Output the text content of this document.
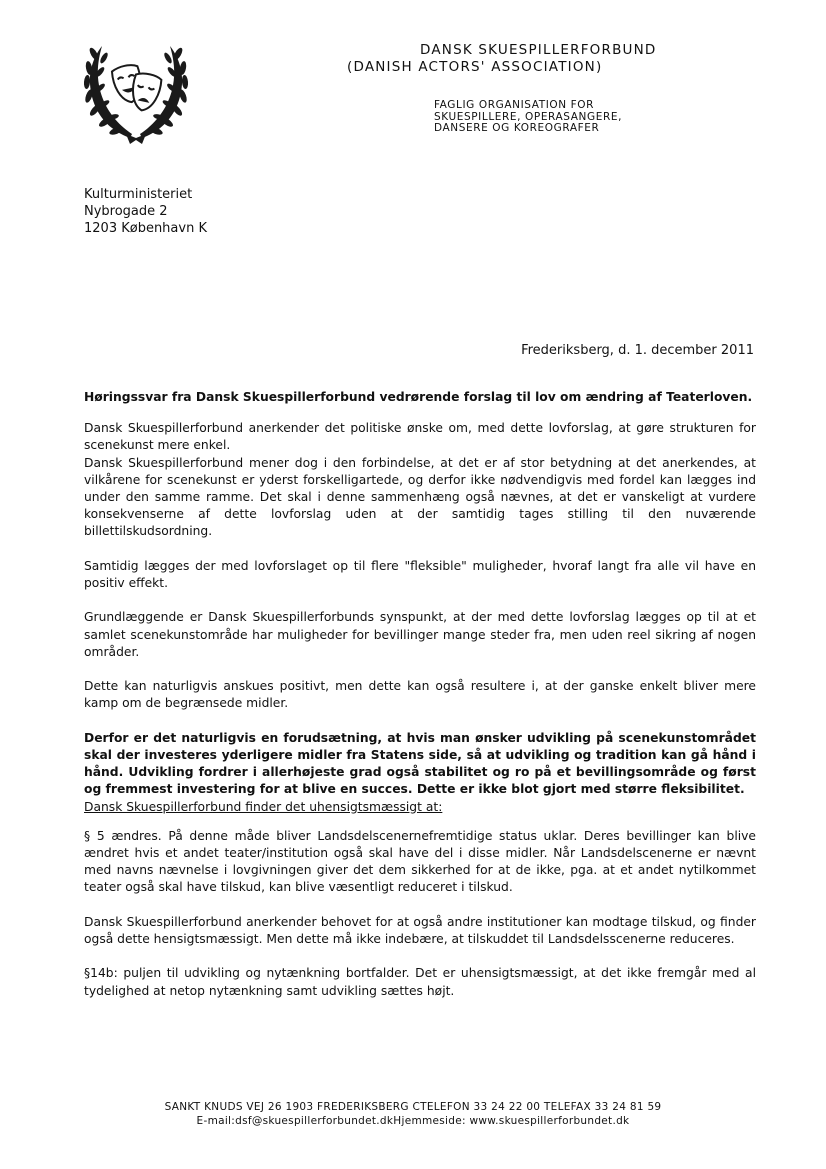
DANSK SKUESPILLERFORBUND
(DANISH ACTORS' ASSOCIATION)
FAGLIG ORGANISATION FOR
SKUESPILLERE, OPERASANGERE,
DANSERE OG KOREOGRAFER
Kulturministeriet
Nybrogade 2
1203 København K
Frederiksberg, d. 1. december 2011

Høringssvar fra Dansk Skuespillerforbund vedrørende forslag til lov om ændring af Teaterloven.

Dansk Skuespillerforbund anerkender det politiske ønske om, med dette lovforslag, at gøre strukturen for scenekunst mere enkel.

Dansk Skuespillerforbund mener dog i den forbindelse, at det er af stor betydning at det anerkendes, at vilkårene for scenekunst er yderst forskelligartede, og derfor ikke nødvendigvis med fordel kan lægges ind under den samme ramme. Det skal i denne sammenhæng også nævnes, at det er vanskeligt at vurdere konsekvenserne af dette lovforslag uden at der samtidig tages stilling til den nuværende billettilskudsordning.

Samtidig lægges der med lovforslaget op til flere "fleksible" muligheder, hvoraf langt fra alle vil have en positiv effekt.

Grundlæggende er Dansk Skuespillerforbunds synspunkt, at der med dette lovforslag lægges op til at et samlet scenekunstområde har muligheder for bevillinger mange steder fra, men uden reel sikring af nogen områder.

Dette kan naturligvis anskues positivt, men dette kan også resultere i, at der ganske enkelt bliver mere kamp om de begrænsede midler.

Derfor er det naturligvis en forudsætning, at hvis man ønsker udvikling på scenekunstområdet skal der investeres yderligere midler fra Statens side, så at udvikling og tradition kan gå hånd i hånd. Udvikling fordrer i allerhøjeste grad også stabilitet og ro på et bevillingsområde og først og fremmest investering for at blive en succes. Dette er ikke blot gjort med større fleksibilitet.

Dansk Skuespillerforbund finder det uhensigtsmæssigt at:

§ 5 ændres. På denne måde bliver Landsdelscenernefremtidige status uklar. Deres bevillinger kan blive ændret hvis et andet teater/institution også skal have del i disse midler. Når Landsdelscenerne er nævnt med navns nævnelse i lovgivningen giver det dem sikkerhed for at de ikke, pga. at et andet nytilkommet teater også skal have tilskud, kan blive væsentligt reduceret i tilskud.

Dansk Skuespillerforbund anerkender behovet for at også andre institutioner kan modtage tilskud, og finder også dette hensigtsmæssigt. Men dette må ikke indebære, at tilskuddet til Landsdelsscenerne reduceres.

§14b: puljen til udvikling og nytænkning bortfalder. Det er uhensigtsmæssigt, at det ikke fremgår med al tydelighed at netop nytænkning samt udvikling sættes højt.

SANKT KNUDS VEJ 26 1903 FREDERIKSBERG CTELEFON 33 24 22 00 TELEFAX 33 24 81 59
E-mail:dsf@skuespillerforbundet.dkHjemmeside: www.skuespillerforbundet.dk
